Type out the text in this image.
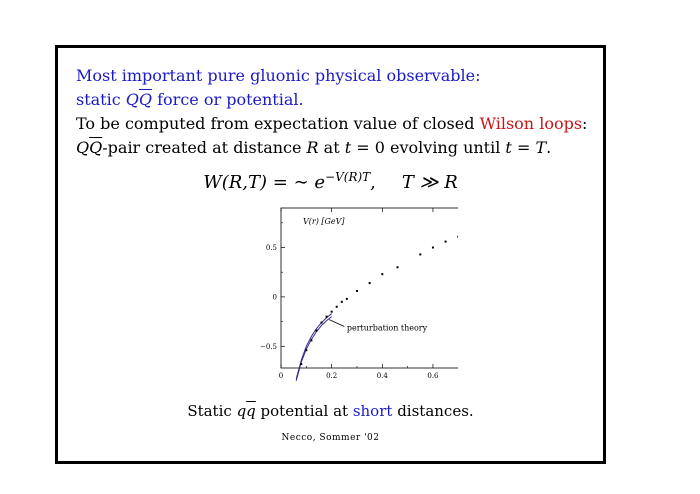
Most important pure gluonic physical observable:
static $Q\overline{Q}$ force or potential.
To be computed from expectation value of closed Wilson loops:
$Q\overline{Q}$-pair created at distance R at t = 0 evolving until t = T.
W(R,T) = ∼ $e^{-V(R)T}$, T ≫ R
0	0.2	0.4	0.6
−0.5
0
0.5
V(r) [GeV]
perturbation theory
Static $q\overline{q}$ potential at short distances.
Necco, Sommer '02
